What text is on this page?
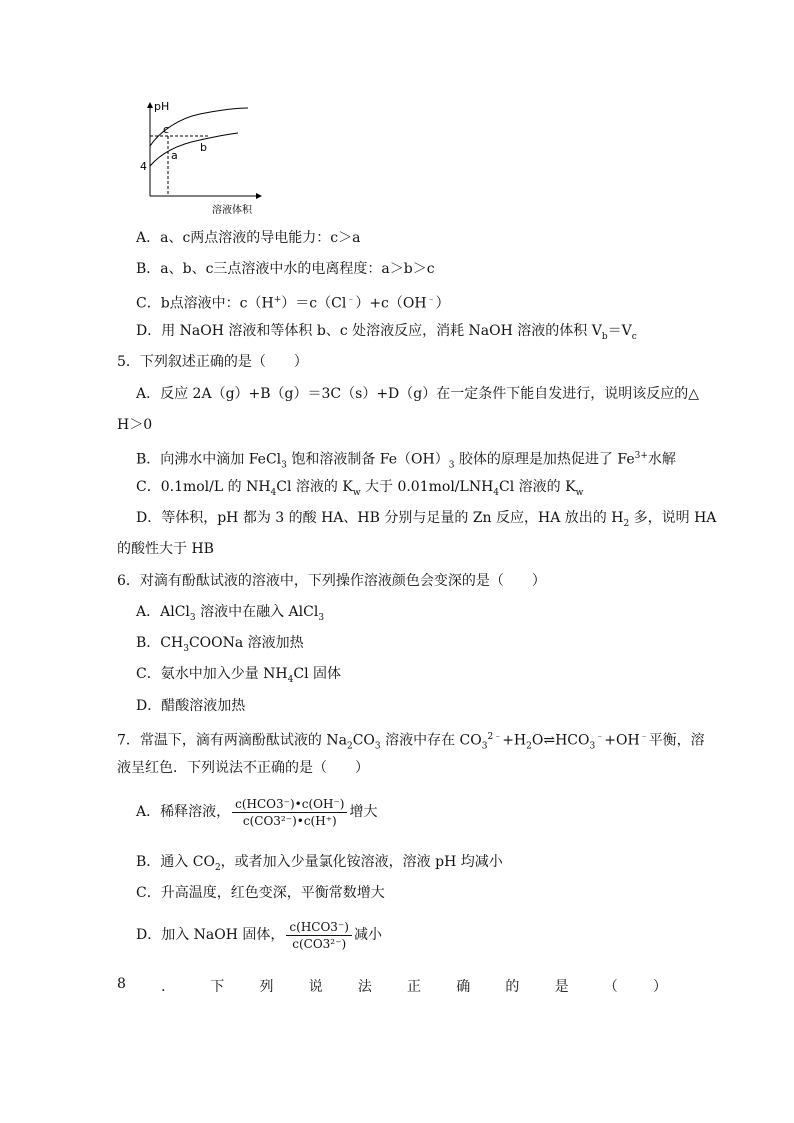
pH
溶液体积
4
c
a
b
A．a、c两点溶液的导电能力：c＞a
B．a、b、c三点溶液中水的电离程度：a＞b＞c
C．b点溶液中：c（H+）＝c（Cl﹣）+c（OH﹣）
D．用 NaOH 溶液和等体积 b、c 处溶液反应，消耗 NaOH 溶液的体积 $V_b=V_c$
5．下列叙述正确的是（　　）
A．反应 2A（g）+B（g）＝3C（s）+D（g）在一定条件下能自发进行，说明该反应的△
H＞0
B．向沸水中滴加 FeCl$_3$ 饱和溶液制备 $Fe(OH)_3$ 胶体的原理是加热促进了 $Fe^{3+}$水解
C．0.1mol/L 的 $NH_4Cl$ 溶液的 $K_w$ 大于 $0.01mol/LNH_4Cl$ 溶液的 $K_w$
D．等体积，pH 都为 3 的酸 HA、HB 分别与足量的 Zn 反应，HA 放出的 $H_2$ 多，说明 HA
的酸性大于 HB
6．对滴有酚酞试液的溶液中，下列操作溶液颜色会变深的是（　　）
A．AlCl$_3$ 溶液中在融入 AlCl$_3$
B．$CH_3COONa$ 溶液加热
C．氨水中加入少量 $NH_4Cl$ 固体
D．醋酸溶液加热
7．常温下，滴有两滴酚酞试液的 $Na_2CO_3$ 溶液中存在 $CO_3^{2﹣}+H_2O\rightleftharpoons HCO_3^﹣+OH^﹣$平衡，溶
液呈红色．下列说法不正确的是（　　）
A．稀释溶液， $\frac{\text{c(HCO3⁻)•c(OH⁻)}}{\text{c(CO3²⁻)•c(H⁺)}}$ 增大
B．通入 $CO_2$，或者加入少量氯化铵溶液，溶液 pH 均减小
C．升高温度，红色变深，平衡常数增大
D．加入 NaOH 固体， $\frac{\text{c(HCO3⁻)}}{\text{c(CO3²⁻)}}$ 减小
8	．	下	列	说	法	正	确	的	是	（	）
